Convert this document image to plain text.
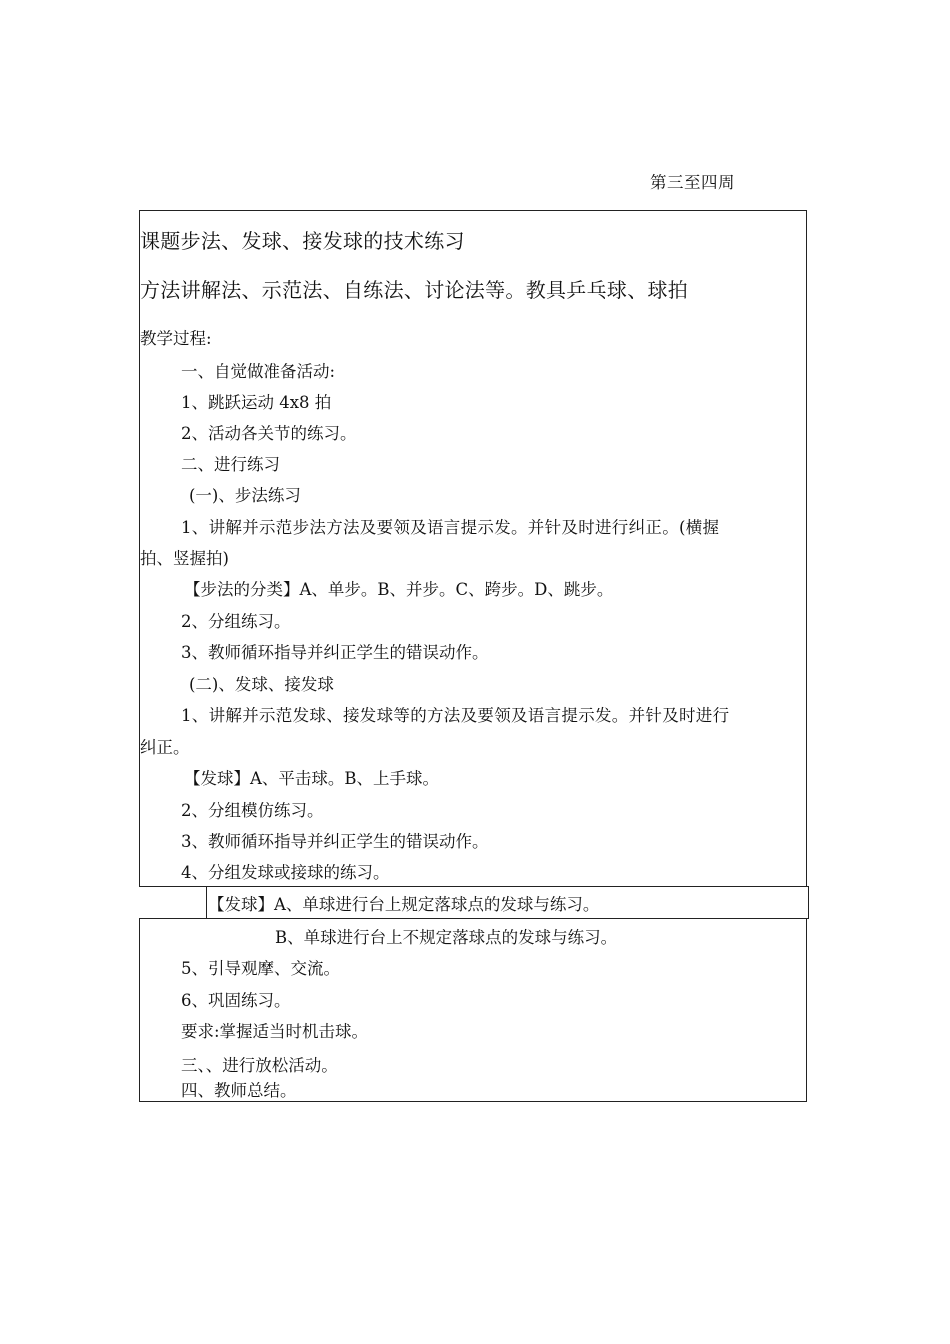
第三至四周
课题步法、发球、接发球的技术练习
方法讲解法、示范法、自练法、讨论法等。教具乒乓球、球拍
教学过程:
一、自觉做准备活动:
1、跳跃运动 4x8 拍
2、活动各关节的练习。
二、进行练习
(一)、步法练习
1、讲解并示范步法方法及要领及语言提示发。并针及时进行纠正。(横握
拍、竖握拍)
【步法的分类】A、单步。B、并步。C、跨步。D、跳步。
2、分组练习。
3、教师循环指导并纠正学生的错误动作。
(二)、发球、接发球
1、讲解并示范发球、接发球等的方法及要领及语言提示发。并针及时进行
纠正。
【发球】A、平击球。B、上手球。
2、分组模仿练习。
3、教师循环指导并纠正学生的错误动作。
4、分组发球或接球的练习。
【发球】A、单球进行台上规定落球点的发球与练习。
B、单球进行台上不规定落球点的发球与练习。
5、引导观摩、交流。
6、巩固练习。
要求:掌握适当时机击球。
三、、进行放松活动。
四、教师总结。
